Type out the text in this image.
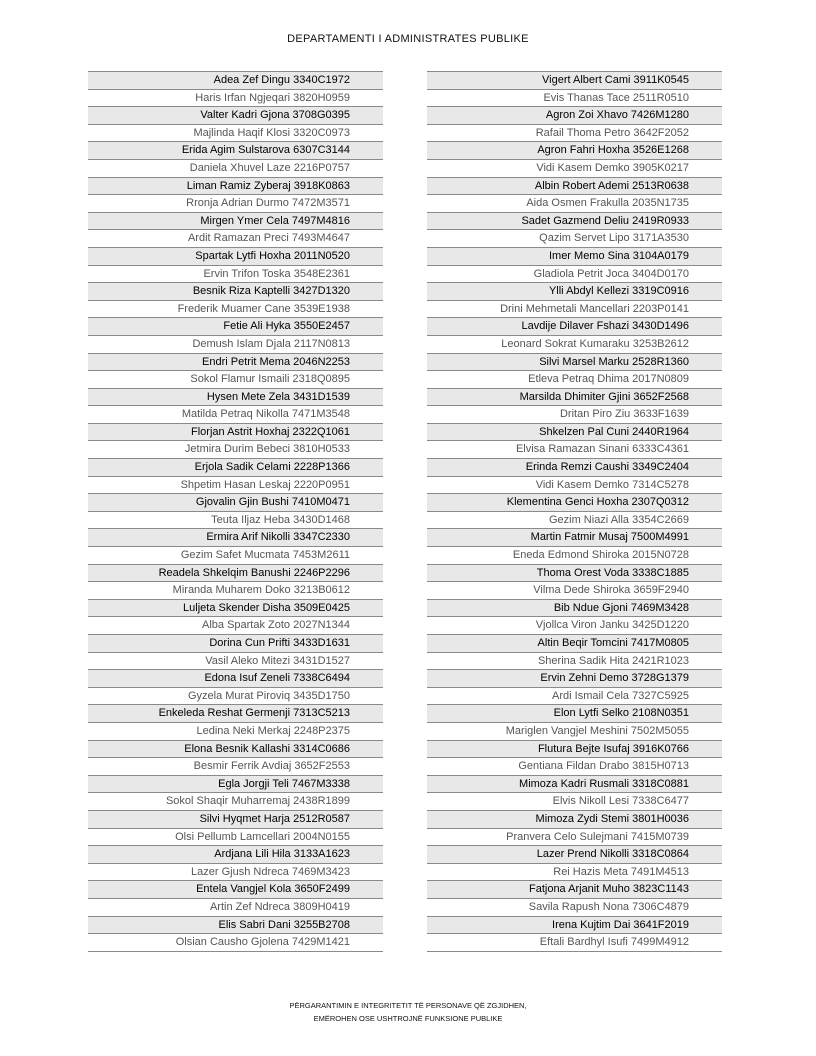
DEPARTAMENTI I ADMINISTRATES PUBLIKE
Adea Zef Dingu 3340C1972
Haris Irfan Ngjeqari 3820H0959
Valter Kadri Gjona 3708G0395
Majlinda Haqif Klosi 3320C0973
Erida Agim Sulstarova 6307C3144
Daniela Xhuvel Laze 2216P0757
Liman Ramiz Zyberaj 3918K0863
Rronja Adrian Durmo 7472M3571
Mirgen Ymer Cela 7497M4816
Ardit Ramazan Preci 7493M4647
Spartak Lytfi Hoxha 2011N0520
Ervin Trifon Toska 3548E2361
Besnik Riza Kaptelli 3427D1320
Frederik Muamer Cane 3539E1938
Fetie Ali Hyka 3550E2457
Demush Islam Djala 2117N0813
Endri Petrit Mema 2046N2253
Sokol Flamur Ismaili 2318Q0895
Hysen Mete Zela 3431D1539
Matilda Petraq Nikolla 7471M3548
Florjan Astrit Hoxhaj 2322Q1061
Jetmira Durim Bebeci 3810H0533
Erjola Sadik Celami 2228P1366
Shpetim Hasan Leskaj 2220P0951
Gjovalin Gjin Bushi 7410M0471
Teuta Iljaz Heba 3430D1468
Ermira Arif Nikolli 3347C2330
Gezim Safet Mucmata 7453M2611
Readela Shkelqim Banushi 2246P2296
Miranda Muharem Doko 3213B0612
Luljeta Skender Disha 3509E0425
Alba Spartak Zoto 2027N1344
Dorina Cun Prifti 3433D1631
Vasil Aleko Mitezi 3431D1527
Edona Isuf Zeneli 7338C6494
Gyzela Murat Piroviq 3435D1750
Enkeleda Reshat Germenji 7313C5213
Ledina Neki Merkaj 2248P2375
Elona Besnik Kallashi 3314C0686
Besmir Ferrik Avdiaj 3652F2553
Egla Jorgji Teli 7467M3338
Sokol Shaqir Muharremaj 2438R1899
Silvi Hyqmet Harja 2512R0587
Olsi Pellumb Lamcellari 2004N0155
Ardjana Lili Hila 3133A1623
Lazer Gjush Ndreca 7469M3423
Entela Vangjel Kola 3650F2499
Artin Zef Ndreca 3809H0419
Elis Sabri Dani 3255B2708
Olsian Causho Gjolena 7429M1421
Vigert Albert Cami 3911K0545
Evis Thanas Tace 2511R0510
Agron Zoi Xhavo 7426M1280
Rafail Thoma Petro 3642F2052
Agron Fahri Hoxha 3526E1268
Vidi Kasem Demko 3905K0217
Albin Robert Ademi 2513R0638
Aida Osmen Frakulla 2035N1735
Sadet Gazmend Deliu 2419R0933
Qazim Servet Lipo 3171A3530
Imer Memo Sina 3104A0179
Gladiola Petrit Joca 3404D0170
Ylli Abdyl Kellezi 3319C0916
Drini Mehmetali Mancellari 2203P0141
Lavdije Dilaver Fshazi 3430D1496
Leonard Sokrat Kumaraku 3253B2612
Silvi Marsel Marku 2528R1360
Etleva Petraq Dhima 2017N0809
Marsilda Dhimiter Gjini 3652F2568
Dritan Piro Ziu 3633F1639
Shkelzen Pal Cuni 2440R1964
Elvisa Ramazan Sinani 6333C4361
Erinda Remzi Caushi 3349C2404
Vidi Kasem Demko 7314C5278
Klementina Genci Hoxha 2307Q0312
Gezim Niazi Alla 3354C2669
Martin Fatmir Musaj 7500M4991
Eneda Edmond Shiroka 2015N0728
Thoma Orest Voda 3338C1885
Vilma Dede Shiroka 3659F2940
Bib Ndue Gjoni 7469M3428
Vjollca Viron Janku 3425D1220
Altin Beqir Tomcini 7417M0805
Sherina Sadik Hita 2421R1023
Ervin Zehni Demo 3728G1379
Ardi Ismail Cela 7327C5925
Elon Lytfi Selko 2108N0351
Mariglen Vangjel Meshini 7502M5055
Flutura Bejte Isufaj 3916K0766
Gentiana Fildan Drabo 3815H0713
Mimoza Kadri Rusmali 3318C0881
Elvis Nikoll Lesi 7338C6477
Mimoza Zydi Stemi 3801H0036
Pranvera Celo Sulejmani 7415M0739
Lazer Prend Nikolli 3318C0864
Rei Hazis Meta 7491M4513
Fatjona Arjanit Muho 3823C1143
Savila Rapush Nona 7306C4879
Irena Kujtim Dai 3641F2019
Eftali Bardhyl Isufi 7499M4912
PËRGARANTIMIN E INTEGRITETIT TË PERSONAVE QË ZGJIDHEN,
EMËROHEN OSE USHTROJNË FUNKSIONE PUBLIKE
